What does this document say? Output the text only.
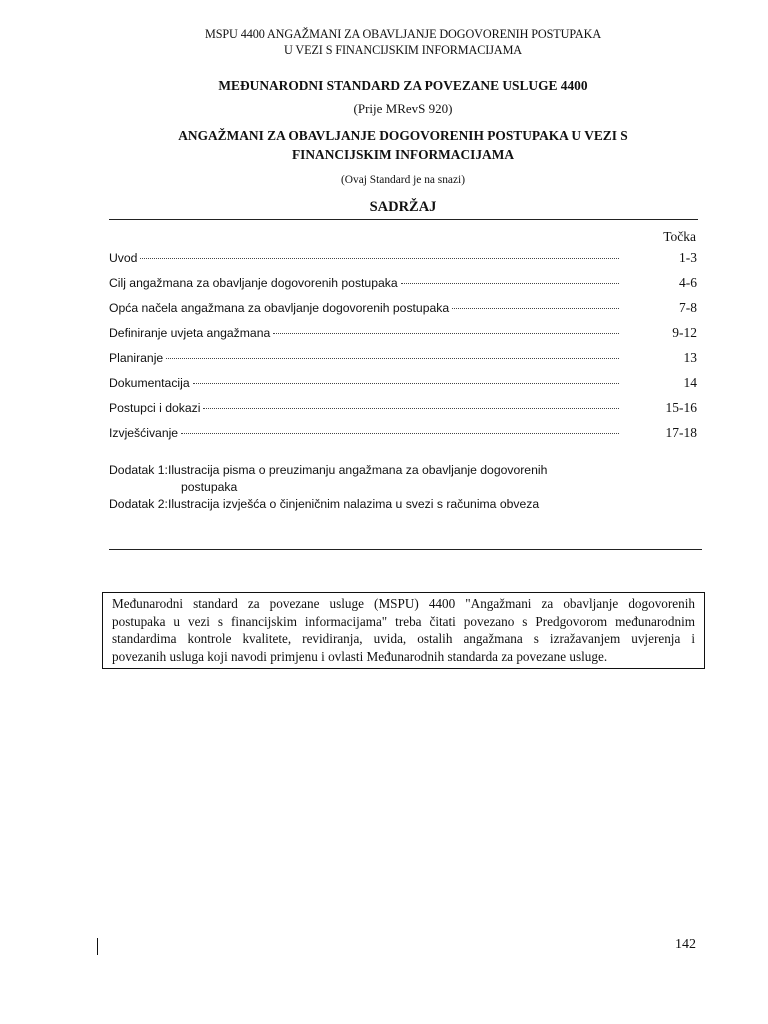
MSPU 4400 ANGAŽMANI ZA OBAVLJANJE DOGOVORENIH POSTUPAKA
U VEZI S FINANCIJSKIM INFORMACIJAMA
MEĐUNARODNI STANDARD ZA POVEZANE USLUGE 4400
(Prije MRevS 920)
ANGAŽMANI ZA OBAVLJANJE DOGOVORENIH POSTUPAKA U VEZI S
FINANCIJSKIM INFORMACIJAMA
(Ovaj Standard je na snazi)
SADRŽAJ
Točka
Uvod	1-3
Cilj angažmana za obavljanje dogovorenih postupaka	4-6
Opća načela angažmana za obavljanje dogovorenih postupaka	7-8
Definiranje uvjeta angažmana	9-12
Planiranje	13
Dokumentacija	14
Postupci i dokazi	15-16
Izvješćivanje	17-18
Dodatak 1: Ilustracija pisma o preuzimanju angažmana za obavljanje dogovorenih
postupaka
Dodatak 2: Ilustracija izvješća o činjeničnim nalazima u svezi s računima obveza
Međunarodni standard za povezane usluge (MSPU) 4400 "Angažmani za obavljanje dogovorenih
postupaka u vezi s financijskim informacijama" treba čitati povezano s Predgovorom međunarodnim
standardima kontrole kvalitete, revidiranja, uvida, ostalih angažmana s izražavanjem uvjerenja i
povezanih usluga koji navodi primjenu i ovlasti Međunarodnih standarda za povezane usluge.
142
